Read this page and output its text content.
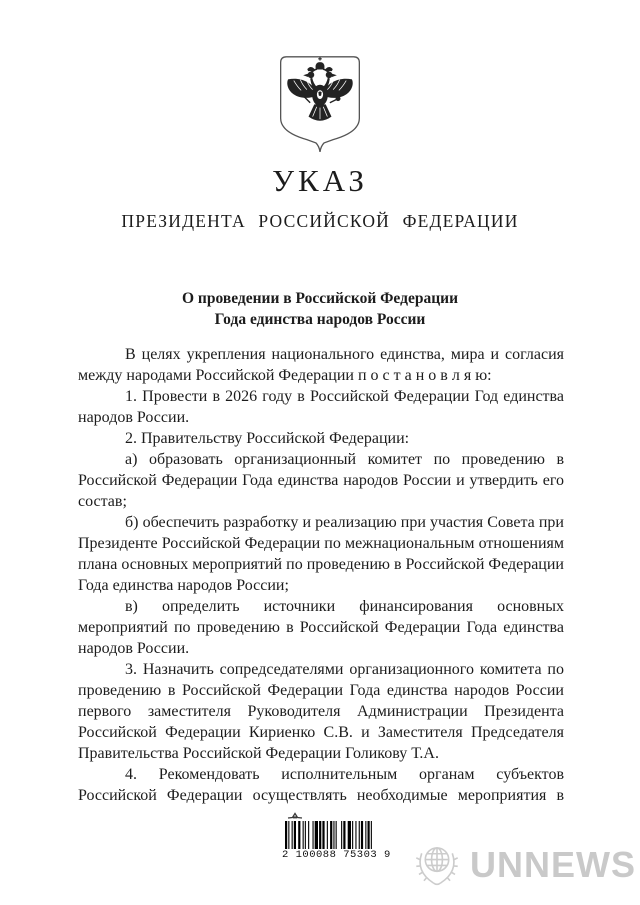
УКАЗ
ПРЕЗИДЕНТА РОССИЙСКОЙ ФЕДЕРАЦИИ
О проведении в Российской Федерации
Года единства народов России

В целях укрепления национального единства, мира и согласия между народами Российской Федерации п о с т а н о в л я ю:

1. Провести в 2026 году в Российской Федерации Год единства народов России.

2. Правительству Российской Федерации:

а) образовать организационный комитет по проведению в Российской Федерации Года единства народов России и утвердить его состав;

б) обеспечить разработку и реализацию при участия Совета при Президенте Российской Федерации по межнациональным отношениям плана основных мероприятий по проведению в Российской Федерации Года единства народов России;

в) определить источники финансирования основных мероприятий по проведению в Российской Федерации Года единства народов России.

3. Назначить сопредседателями организационного комитета по проведению в Российской Федерации Года единства народов России первого заместителя Руководителя Администрации Президента Российской Федерации Кириенко С.В. и Заместителя Председателя Правительства Российской Федерации Голикову Т.А.

4. Рекомендовать исполнительным органам субъектов Российской Федерации осуществлять необходимые мероприятия в

2 100088 75303 9 UNNEWS
